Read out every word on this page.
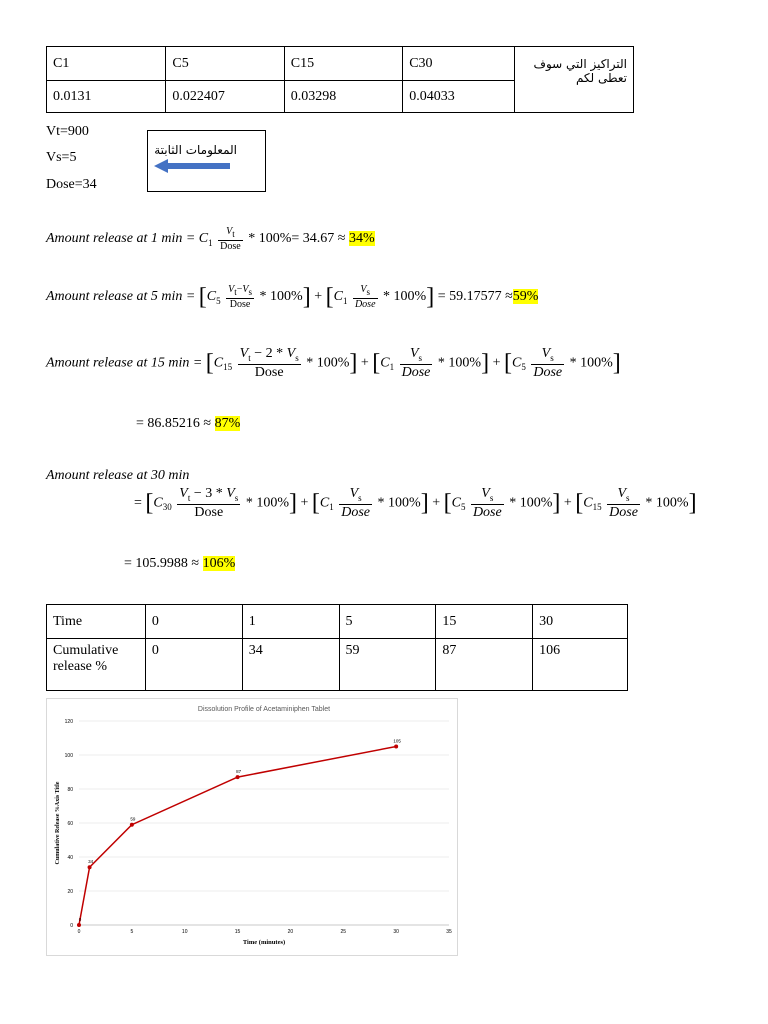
C1	C5	C15	C30	التراكيز التي سوف تعطى لكم
0.0131	0.022407	0.03298	0.04033	
Vt=900
Vs=5
Dose=34
المعلومات الثابتة
Amount release at 1 $\min = C_1 \frac{V_t}{\text{Dose}} * 100\%= 34.67 \approx 34\%$
Amount release at 5 $\min = [C_5 \frac{V_t-V_s}{\text{Dose}} * 100\%] + [C_1 \frac{V_s}{\text{Dose}} * 100\%] = 59.17577 \approx 59\%$
Amount release at 15 $\min = [C_{15} \frac{V_t - 2 * V_s}{\text{Dose}} * 100\%] + [C_1 \frac{V_s}{\text{Dose}} * 100\%] + [C_5 \frac{V_s}{\text{Dose}} * 100\%]$
= 86.85216 ≈ 87%
Amount release at 30 min
= $[C_{30} \frac{V_t - 3 * V_s}{\text{Dose}} * 100\%] + [C_1 \frac{V_s}{\text{Dose}} * 100\%] + [C_5 \frac{V_s}{\text{Dose}} * 100\%] + [C_{15} \frac{V_s}{\text{Dose}} * 100\%]$
= 105.9988 ≈ 106%
Time	0	1	5	15	30
Cumulative release %	0	34	59	87	106
Dissolution Profile of Acetaminiphen Tablet
0
20
40
60
80
100
120
0	5	10	15	20	25	30	35
Time (minutes)
Cumulative Release %Axis Title
0
34
59
87
105
